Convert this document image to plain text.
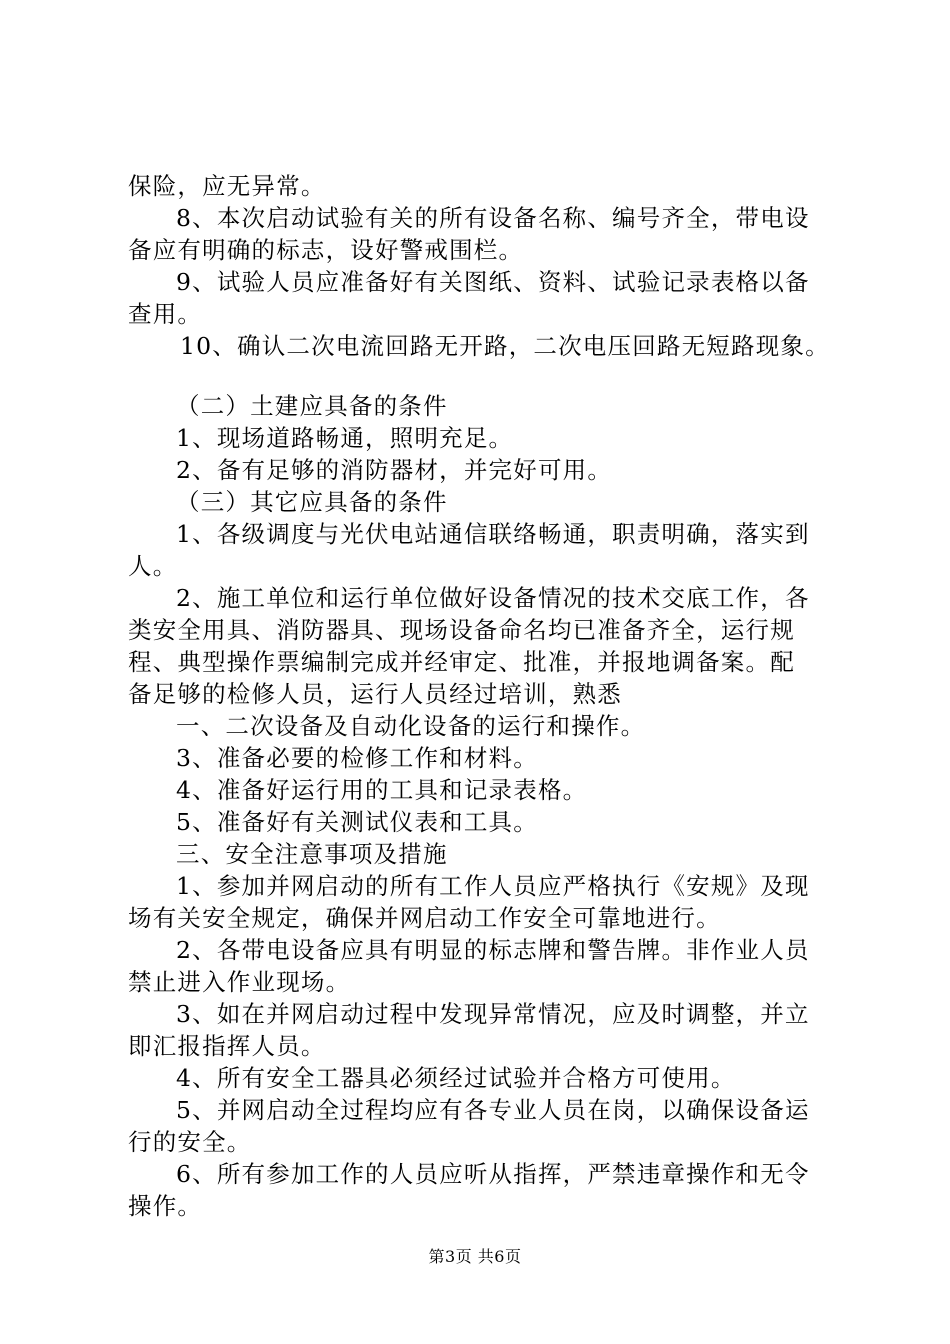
保险，应无异常。
8、本次启动试验有关的所有设备名称、编号齐全，带电设
备应有明确的标志，设好警戒围栏。
9、试验人员应准备好有关图纸、资料、试验记录表格以备
查用。
10、确认二次电流回路无开路，二次电压回路无短路现象。
（二）土建应具备的条件
1、现场道路畅通，照明充足。
2、备有足够的消防器材，并完好可用。
（三）其它应具备的条件
1、各级调度与光伏电站通信联络畅通，职责明确，落实到
人。
2、施工单位和运行单位做好设备情况的技术交底工作，各
类安全用具、消防器具、现场设备命名均已准备齐全，运行规
程、典型操作票编制完成并经审定、批准，并报地调备案。配
备足够的检修人员，运行人员经过培训，熟悉
一、二次设备及自动化设备的运行和操作。
3、准备必要的检修工作和材料。
4、准备好运行用的工具和记录表格。
5、准备好有关测试仪表和工具。
三、安全注意事项及措施
1、参加并网启动的所有工作人员应严格执行《安规》及现
场有关安全规定，确保并网启动工作安全可靠地进行。
2、各带电设备应具有明显的标志牌和警告牌。非作业人员
禁止进入作业现场。
3、如在并网启动过程中发现异常情况，应及时调整，并立
即汇报指挥人员。
4、所有安全工器具必须经过试验并合格方可使用。
5、并网启动全过程均应有各专业人员在岗，以确保设备运
行的安全。
6、所有参加工作的人员应听从指挥，严禁违章操作和无令
操作。
第3页 共6页
